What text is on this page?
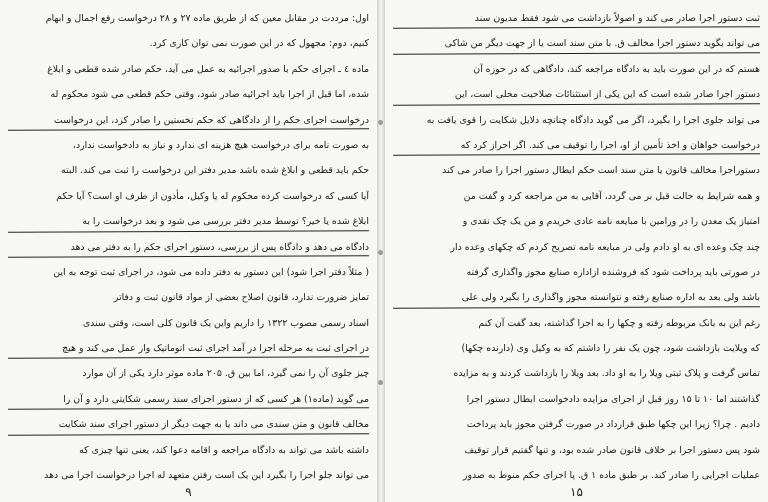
اول: مرددت در مقابل معین که از طریق ماده ۲۷ و ۲۸ درخواست رفع اجمال و ابهام
کنیم، دوم: مجهول که در این صورت نمی توان کاری کرد.
ماده ٤ ـ اجرای حکم با صدور اجرائیه به عمل می آید، حکم صادر شده قطعی و ابلاغ
شده، اما قبل از اجرا باید اجرائیه صادر شود، وقتی حکم قطعی می شود محکوم له
درخواست اجرای حکم را از دادگاهی که حکم نخستین را صادر کرد، این درخواست
به صورت نامه برای درخواست هیچ هزینه ای ندارد و نیاز به دادخواست ندارد،
حکم باید قطعی و ابلاغ شده باشد مدیر دفتر این درخواست را ثبت می کند. البته
آیا کسی که درخواست کرده محکوم له یا وکیل، مأذون از طرف او است؟ آیا حکم
ابلاغ شده یا خیر؟ توسط مدیر دفتر بررسی می شود و بعد درخواست را به
دادگاه می دهد و دادگاه پس از بررسی، دستور اجرای حکم را به دفتر می دهد
( مثلاً دفتر اجرا شود) این دستور به دفتر داده می شود، در اجرای ثبت توجه به این
تمایز ضرورت ندارد، قانون اصلاح بعضی از مواد قانون ثبت و دفاتر
اسناد رسمی مصوب ۱۳۲۲ را داریم واین یک قانون کلی است، وقتی سندی
در اجرای ثبت به مرحله اجرا در آمد اجرای ثبت اتوماتیک وار عمل می کند و هیچ
چیز جلوی آن را نمی گیرد، اما بین ق. ۲۰۵ ماده موثر دارد یکی از آن موارد
می گوید (ماده۱) هر کسی که از دستور اجرای سند رسمی شکایتی دارد و آن را
مخالف قانون و متن سندی می داند یا به جهت دیگر از دستور اجرای سند شکایت
داشته باشد می تواند به دادگاه مراجعه و اقامه دعوا کند، یعنی تنها چیزی که
می تواند جلو اجرا را بگیرد این یک است رفتن متعهد له اجرا درخواست اجرا می دهد
۹
ثبت دستور اجرا صادر می کند و اصولاً بازداشت می شود فقط مدیون سند
می تواند بگوید دستور اجرا مخالف ق. با متن سند است یا از جهت دیگر من شاکی
هستم که در این صورت باید به دادگاه مراجعه کند، دادگاهی که در حوزه آن
دستور اجرا صادر شده است که این یکی از استثنائات صلاحیت محلی است، این
می تواند جلوی اجرا را بگیرد، اگر می گوید دادگاه چنانچه دلایل شکایت را قوی یافت به
درخواست خواهان و اخذ تأمین از او، اجرا را توقیف می کند. اگر احراز کرد که
دستوراجرا مخالف قانون یا متن سند است حکم ابطال دستور اجرا را صادر می کند
و همه شرایط به حالت قبل بر می گردد، آقایی به من مراجعه کرد و گفت من
امتیاز یک معدن را در ورامین با مبایعه نامه عادی خریدم و من یک چک نقدی و
چند چک وعده ای به او دادم ولی در مبایعه نامه تصریح کردم که چکهای وعده دار
در صورتی باید پرداخت شود که فروشنده ازاداره صنایع مجوز واگذاری گرفته
باشد ولی بعد به اداره صنایع رفته و نتوانسته مجوز واگذاری را بگیرد ولی علی
رغم این به بانک مربوطه رفته و چکها را به اجرا گذاشته، بعد گفت آن کنم
که ویلایت بازداشت شود، چون یک نفر را داشتم که به وکیل وی (دارنده چکها)
تماس گرفت و پلاک ثبتی ویلا را به او داد. بعد ویلا را بازداشت کردند و به مزایده
گذاشتند اما ۱۰ تا ۱۵ روز قبل از اجرای مزایده دادخواست ابطال دستور اجرا
دادیم . چرا؟ زیرا این چکها طبق قرارداد در صورت گرفتن مجوز باید پرداخت
شود پس دستور اجرا بر خلاف قانون صادر شده بود، و تنها گفتیم قرار توقیف
عملیات اجرایی را صادر کند. بر طبق ماده ۱ ق. پا اجرای حکم منوط به صدور
۱۵
